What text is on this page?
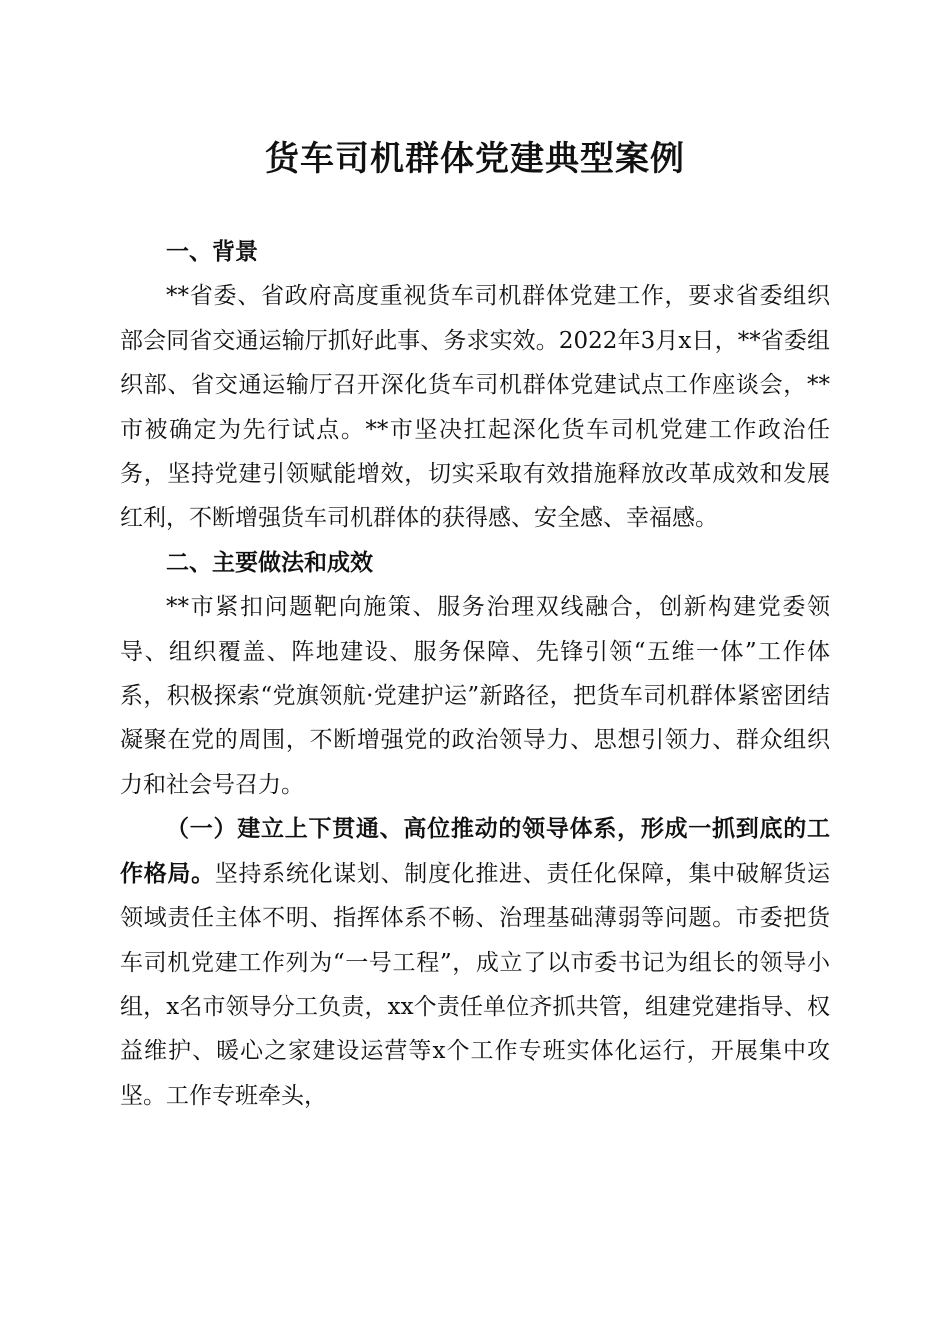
货车司机群体党建典型案例

一、背景

**省委、省政府高度重视货车司机群体党建工作，要求省委组织部会同省交通运输厅抓好此事、务求实效。2022年3月x日，**省委组织部、省交通运输厅召开深化货车司机群体党建试点工作座谈会，**市被确定为先行试点。**市坚决扛起深化货车司机党建工作政治任务，坚持党建引领赋能增效，切实采取有效措施释放改革成效和发展红利，不断增强货车司机群体的获得感、安全感、幸福感。

二、主要做法和成效

**市紧扣问题靶向施策、服务治理双线融合，创新构建党委领导、组织覆盖、阵地建设、服务保障、先锋引领“五维一体”工作体系，积极探索“党旗领航·党建护运”新路径，把货车司机群体紧密团结凝聚在党的周围，不断增强党的政治领导力、思想引领力、群众组织力和社会号召力。

（一）建立上下贯通、高位推动的领导体系，形成一抓到底的工作格局。坚持系统化谋划、制度化推进、责任化保障，集中破解货运领域责任主体不明、指挥体系不畅、治理基础薄弱等问题。市委把货车司机党建工作列为“一号工程”，成立了以市委书记为组长的领导小组，x名市领导分工负责，xx个责任单位齐抓共管，组建党建指导、权益维护、暖心之家建设运营等x个工作专班实体化运行，开展集中攻坚。工作专班牵头，
